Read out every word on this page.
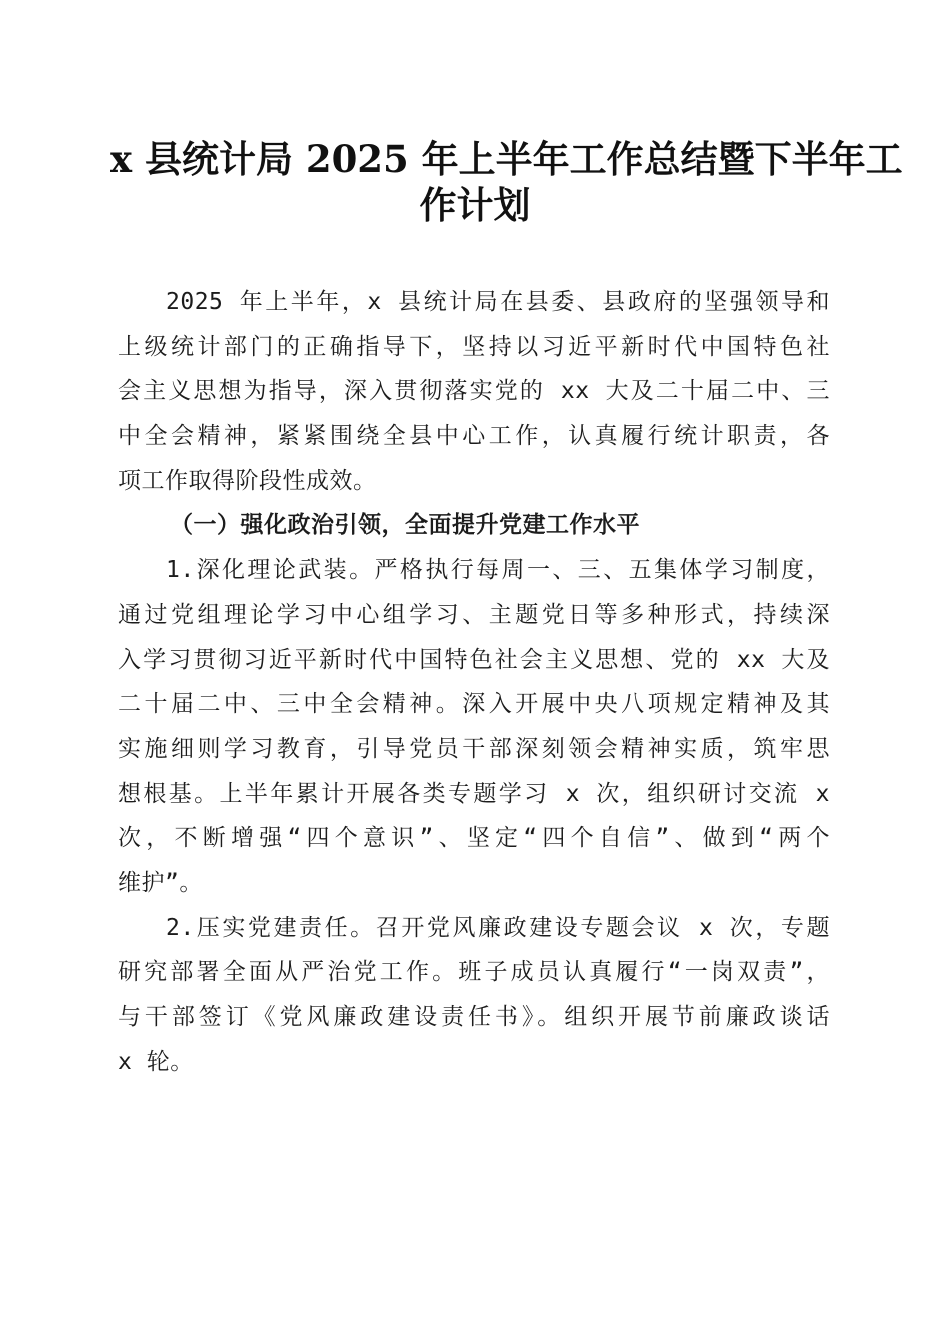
x 县统计局 2025 年上半年工作总结暨下半年工
作计划
2025 年上半年，x 县统计局在县委、县政府的坚强领导和
上级统计部门的正确指导下，坚持以习近平新时代中国特色社
会主义思想为指导，深入贯彻落实党的 xx 大及二十届二中、三
中全会精神，紧紧围绕全县中心工作，认真履行统计职责，各
项工作取得阶段性成效。
（一）强化政治引领，全面提升党建工作水平
1.深化理论武装。严格执行每周一、三、五集体学习制度，
通过党组理论学习中心组学习、主题党日等多种形式，持续深
入学习贯彻习近平新时代中国特色社会主义思想、党的 xx 大及
二十届二中、三中全会精神。深入开展中央八项规定精神及其
实施细则学习教育，引导党员干部深刻领会精神实质，筑牢思
想根基。上半年累计开展各类专题学习 x 次，组织研讨交流 x
次，不断增强“四个意识”、坚定“四个自信”、做到“两个
维护”。
2.压实党建责任。召开党风廉政建设专题会议 x 次，专题
研究部署全面从严治党工作。班子成员认真履行“一岗双责”，
与干部签订《党风廉政建设责任书》。组织开展节前廉政谈话
x 轮。
